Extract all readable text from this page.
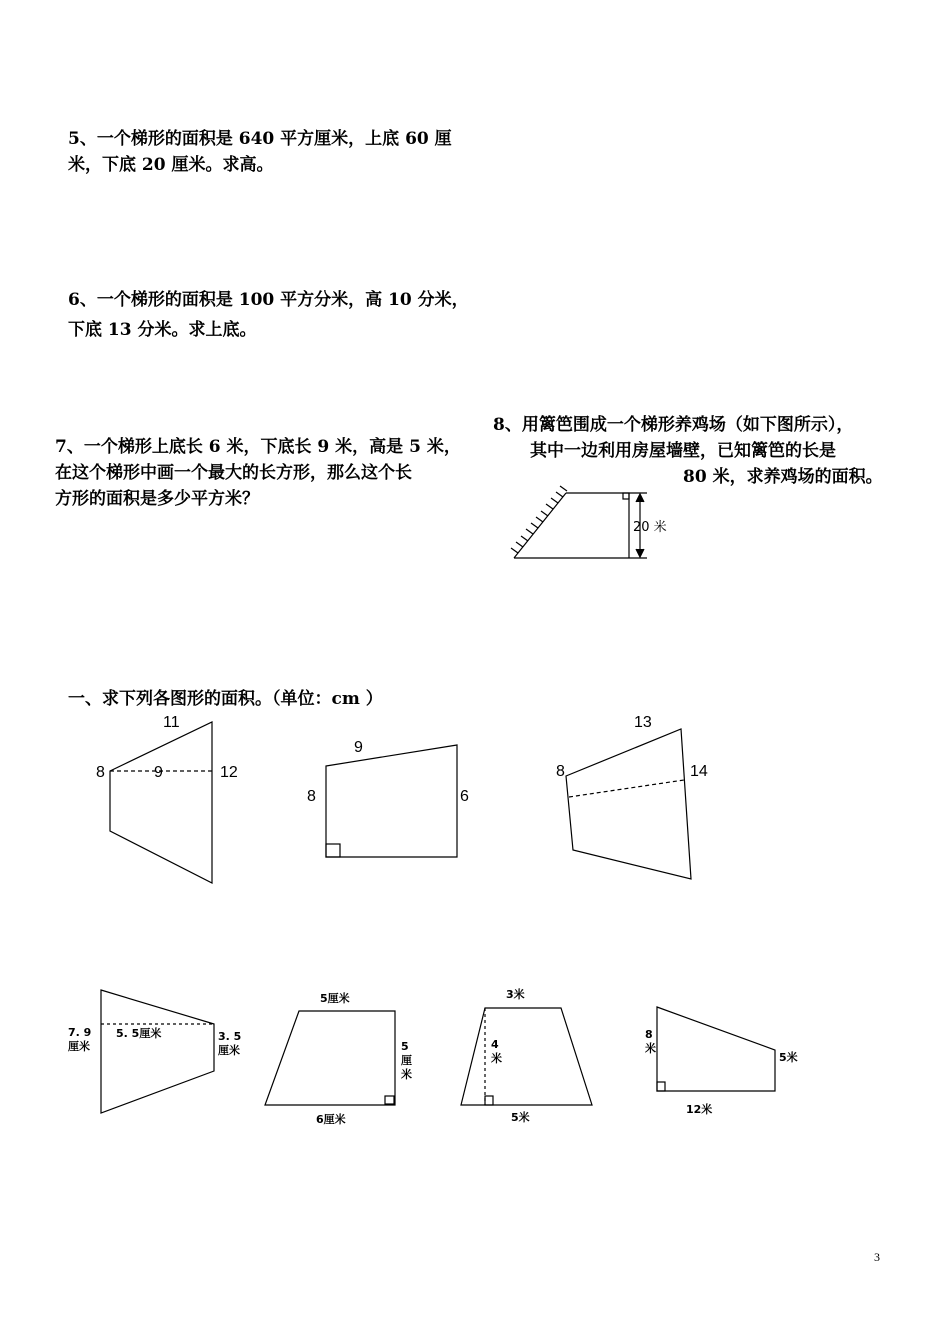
5、一个梯形的面积是 640 平方厘米，上底 60 厘
米，下底 20 厘米。求高。
6、一个梯形的面积是 100 平方分米，高 10 分米，
下底 13 分米。求上底。
7、一个梯形上底长 6 米，下底长 9 米，高是 5 米，
在这个梯形中画一个最大的长方形，那么这个长
方形的面积是多少平方米？
8、用篱笆围成一个梯形养鸡场（如下图所示），
其中一边利用房屋墙壁，已知篱笆的长是
80 米，求养鸡场的面积。
20 米
一、求下列各图形的面积。（单位：cm ）
11
8	9	12
9
8	6
13
8	14
7. 9
厘米
5. 5厘米	3. 5
厘米
5厘米
5
厘
米
6厘米
3米
4
米
5米
8
米
5米
12米
3
